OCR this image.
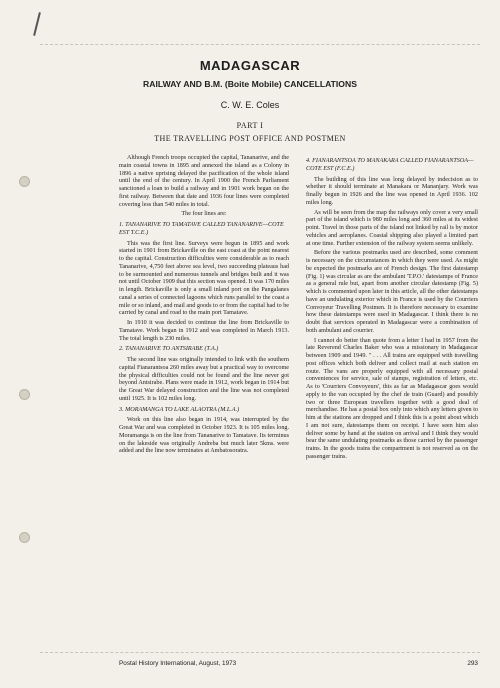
MADAGASCAR

RAILWAY AND B.M. (Boite Mobile) CANCELLATIONS

C. W. E. Coles

PART I

THE TRAVELLING POST OFFICE AND POSTMEN

Although French troops occupied the capital, Tananarive, and the main coastal towns in 1895 and annexed the island as a Colony in 1896 a native uprising delayed the pacification of the whole island until the end of the century. In April 1900 the French Parliament sanctioned a loan to build a railway and in 1901 work began on the first railway. Between that date and 1936 four lines were completed covering less than 540 miles in total.

The four lines are:

1. TANANARIVE TO TAMATAVE CALLED TANANARIVE—COTE EST T.C.E.)

This was the first line. Surveys were begun in 1895 and work started in 1901 from Brickaville on the east coast at the point nearest to the capital. Construction difficulties were considerable as to reach Tananarive, 4,750 feet above sea level, two succeeding plateaus had to be surmounted and numerous tunnels and bridges built and it was not until October 1909 that this section was opened. It was 170 miles in length. Brickaville is only a small inland port on the Pangalanes canal a series of connected lagoons which runs parallel to the coast a mile or so inland, and mail and goods to or from the capital had to be carried by canal and road to the main port Tamatave.

In 1910 it was decided to continue the line from Brickaville to Tamatave. Work began in 1912 and was completed in March 1913. The total length is 230 miles.

2. TANANARIVE TO ANTSIRABE (T.A.)

The second line was originally intended to link with the southern capital Fianarantsoa 260 miles away but a practical way to overcome the physical difficulties could not be found and the line never got beyond Antsirabe. Plans were made in 1912, work began in 1914 but the Great War delayed construction and the line was not completed until 1925. It is 102 miles long.

3. MORAMANGA TO LAKE ALAOTRA (M.L.A.)

Work on this line also began in 1914, was interrupted by the Great War and was completed in October 1923. It is 105 miles long. Moramanga is on the line from Tananarive to Tamatave. Its terminus on the lakeside was originally Andreba but much later 5kms. were added and the line now terminates at Ambatosoratra.

4. FIANARANTSOA TO MANAKARA CALLED FIANARANTSOA—COTE EST (F.C.E.)

The building of this line was long delayed by indecision as to whether it should terminate at Manakara or Mananjary. Work was finally begun in 1926 and the line was opened in April 1936. 102 miles long.

As will be seen from the map the railways only cover a very small part of the island which is 980 miles long and 360 miles at its widest point. Travel in those parts of the island not linked by rail is by motor vehicles and aeroplanes. Coastal shipping also played a limited part at one time. Further extension of the railway system seems unlikely.

Before the various postmarks used are described, some comment is necessary on the circumstances in which they were used. As might be expected the postmarks are of French design. The first datestamp (Fig. 1) was circular as are the ambulant 'T.P.O.' datestamps of France as a general rule but, apart from another circular datestamp (Fig. 5) which is commented upon later in this article, all the other datestamps have an undulating exterior which in France is used by the Courriers Convoyeur Travelling Postmen. It is therefore necessary to examine how these datestamps were used in Madagascar. I think there is no doubt that services operated in Madagascar were a combination of both ambulant and courrier.

I cannot do better than quote from a letter I had in 1957 from the late Reverend Charles Baker who was a missionary in Madagascar between 1909 and 1949. " . . . All trains are equipped with travelling post offices which both deliver and collect mail at each station en route. The vans are properly equipped with all necessary postal conveniences for service, sale of stamps, registration of letters, etc. As to 'Courriers Convoyeurs', this as far as Madagascar goes would apply to the van occupied by the chef de train (Guard) and possibly two or three European travellers together with a good deal of merchandise. He has a postal box only into which any letters given to him at the stations are dropped and I think this is a point about which I am not sure, datestamps them on receipt. I have seen him also deliver some by hand at the station on arrival and I think they would bear the same undulating postmarks as those carried by the passenger trains. In the goods trains the compartment is not reserved as on the passenger trains.

Postal History International, August, 1973	293
